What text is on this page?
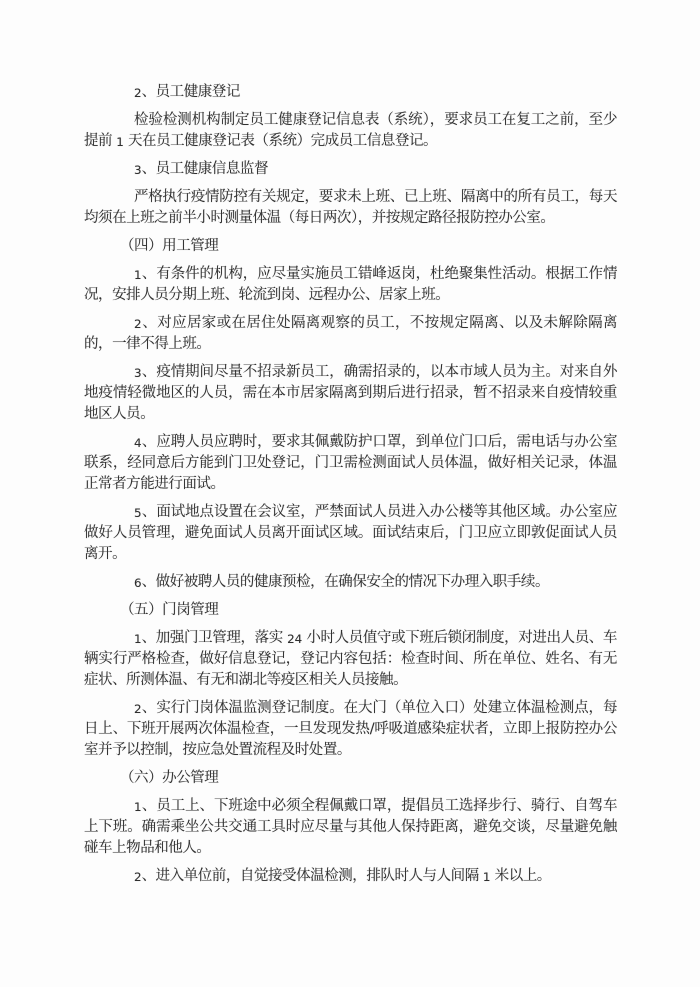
2、员工健康登记

检验检测机构制定员工健康登记信息表（系统），要求员工在复工之前，至少提前 1 天在员工健康登记表（系统）完成员工信息登记。

3、员工健康信息监督

严格执行疫情防控有关规定，要求未上班、已上班、隔离中的所有员工，每天均须在上班之前半小时测量体温（每日两次），并按规定路径报防控办公室。

（四）用工管理

1、有条件的机构，应尽量实施员工错峰返岗，杜绝聚集性活动。根据工作情况，安排人员分期上班、轮流到岗、远程办公、居家上班。

2、对应居家或在居住处隔离观察的员工，不按规定隔离、以及未解除隔离的，一律不得上班。

3、疫情期间尽量不招录新员工，确需招录的，以本市域人员为主。对来自外地疫情轻微地区的人员，需在本市居家隔离到期后进行招录，暂不招录来自疫情较重地区人员。

4、应聘人员应聘时，要求其佩戴防护口罩，到单位门口后，需电话与办公室联系，经同意后方能到门卫处登记，门卫需检测面试人员体温，做好相关记录，体温正常者方能进行面试。

5、面试地点设置在会议室，严禁面试人员进入办公楼等其他区域。办公室应做好人员管理，避免面试人员离开面试区域。面试结束后，门卫应立即敦促面试人员离开。

6、做好被聘人员的健康预检，在确保安全的情况下办理入职手续。

（五）门岗管理

1、加强门卫管理，落实 24 小时人员值守或下班后锁闭制度，对进出人员、车辆实行严格检查，做好信息登记，登记内容包括：检查时间、所在单位、姓名、有无症状、所测体温、有无和湖北等疫区相关人员接触。

2、实行门岗体温监测登记制度。在大门（单位入口）处建立体温检测点，每日上、下班开展两次体温检查，一旦发现发热/呼吸道感染症状者，立即上报防控办公室并予以控制，按应急处置流程及时处置。

（六）办公管理

1、员工上、下班途中必须全程佩戴口罩，提倡员工选择步行、骑行、自驾车上下班。确需乘坐公共交通工具时应尽量与其他人保持距离，避免交谈，尽量避免触碰车上物品和他人。

2、进入单位前，自觉接受体温检测，排队时人与人间隔 1 米以上。
